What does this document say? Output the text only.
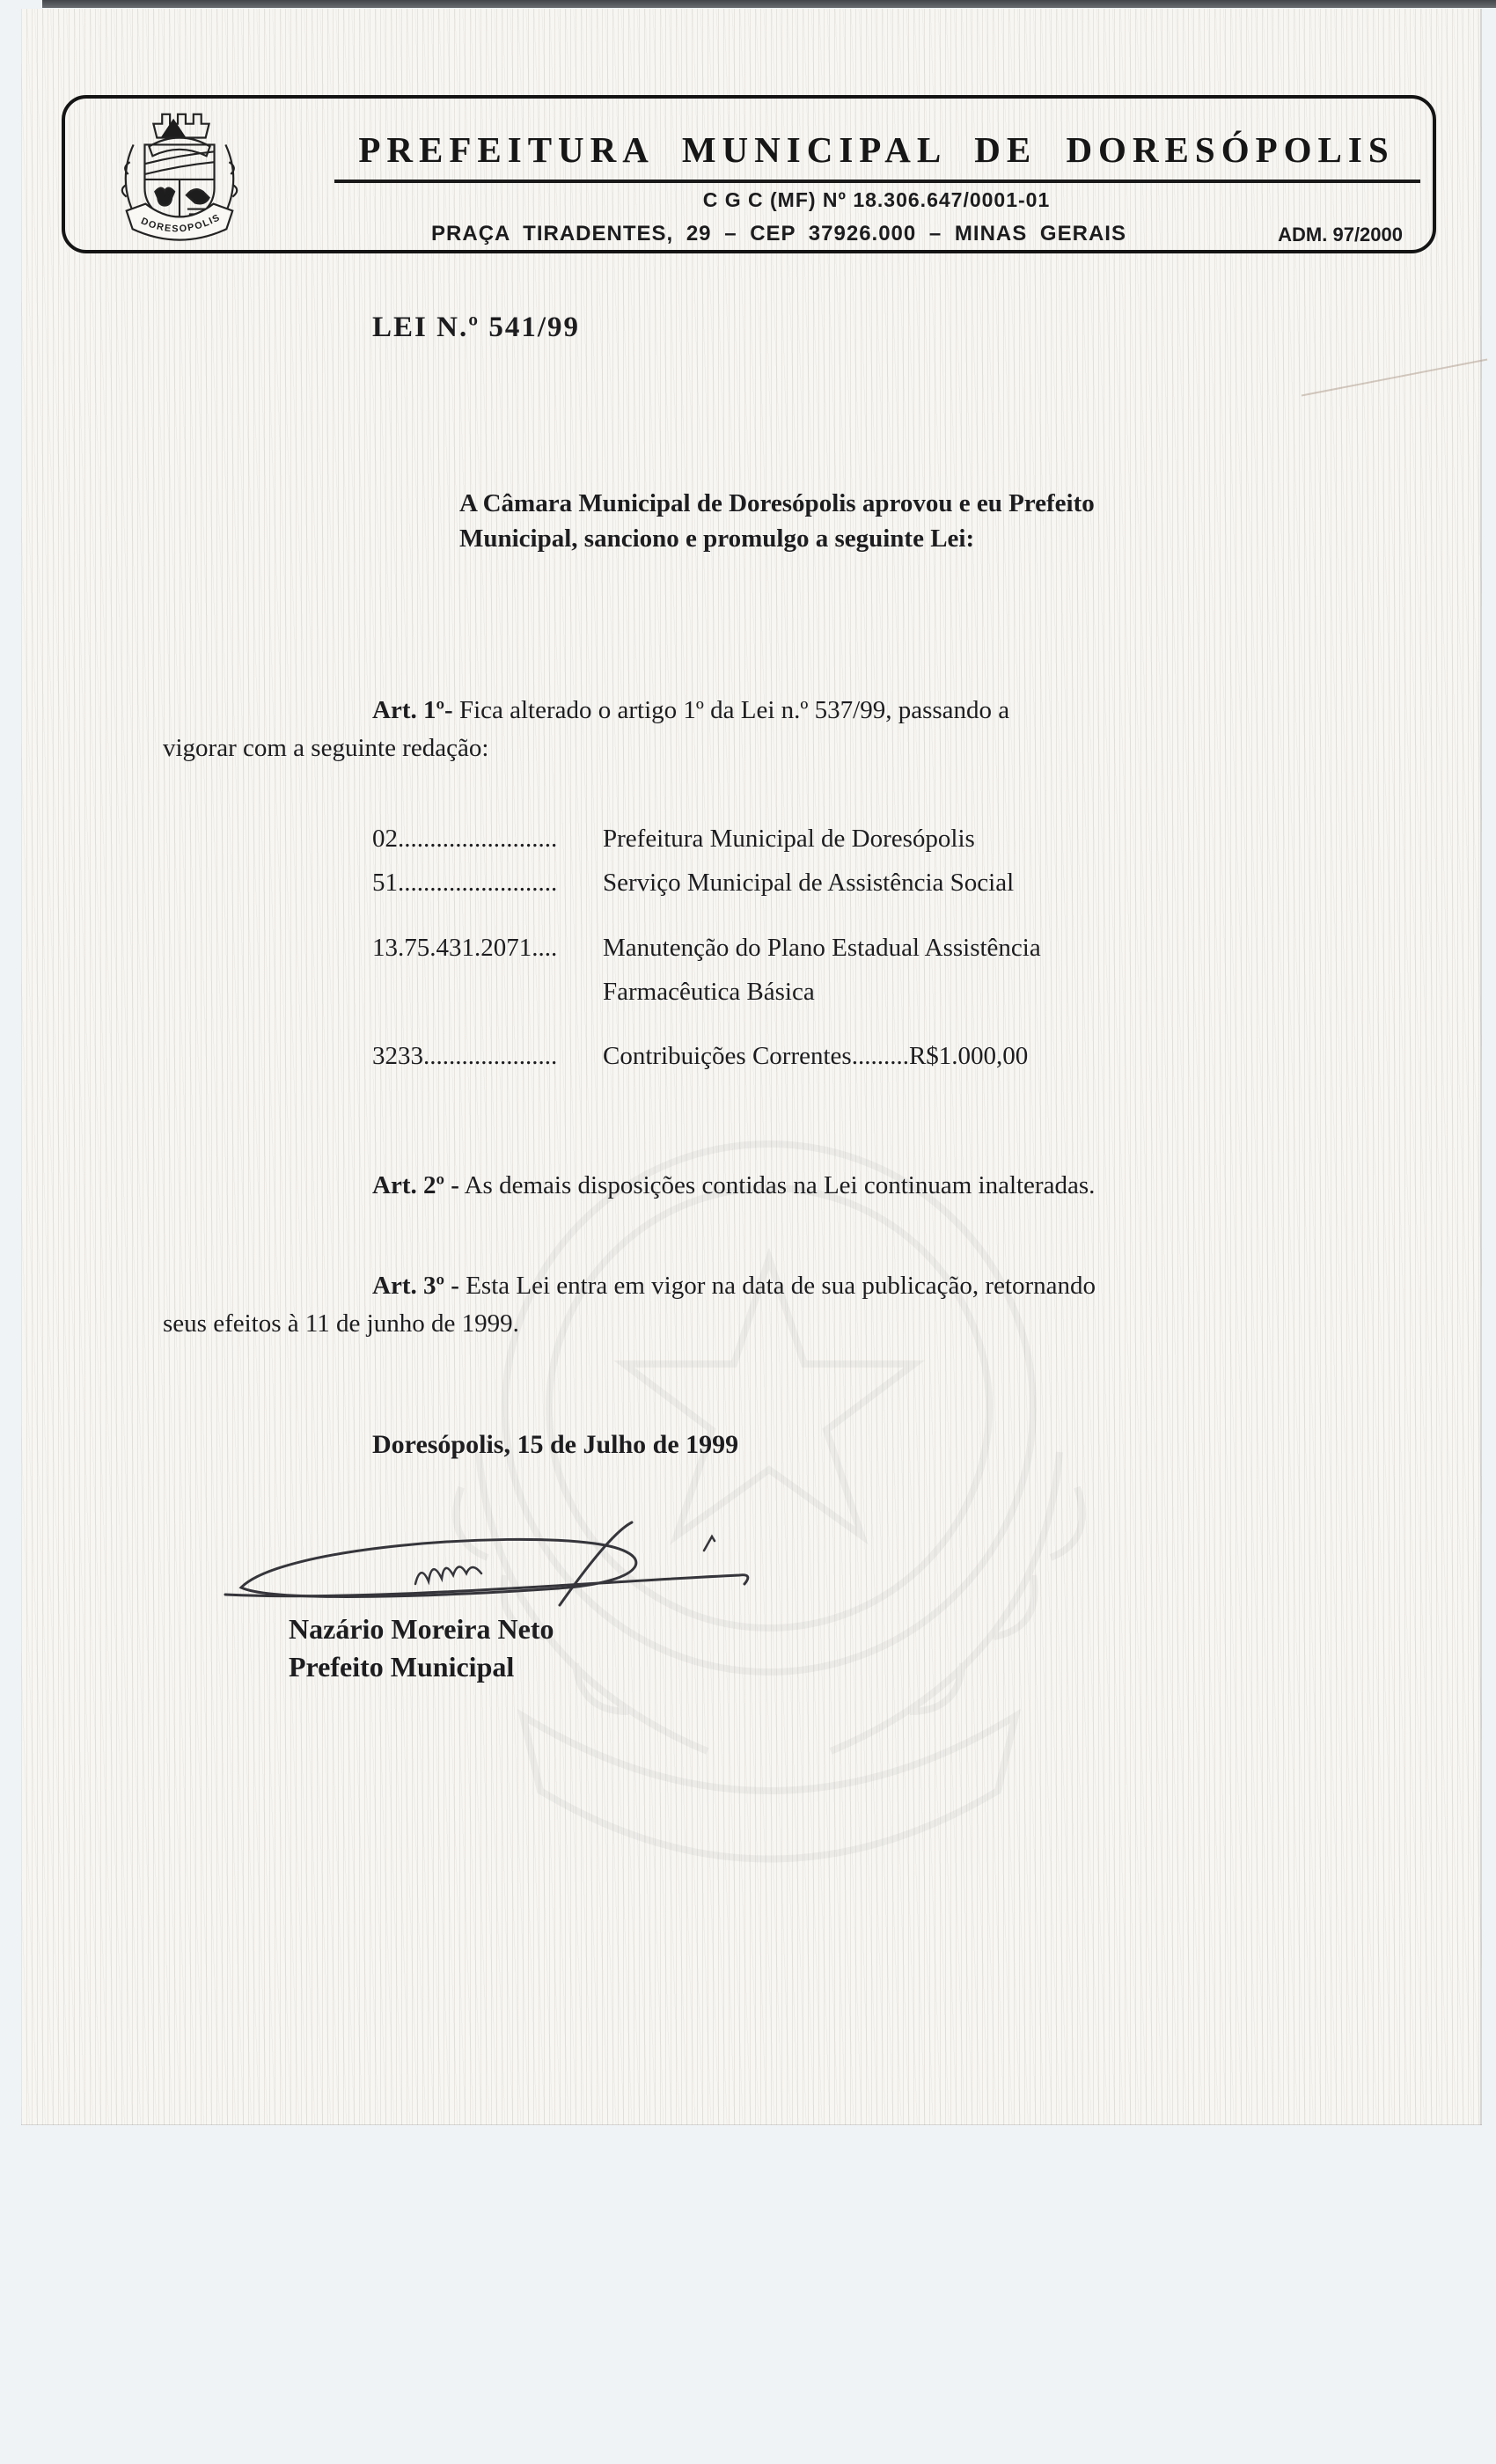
DORESOPOLIS
PREFEITURA MUNICIPAL DE DORESÓPOLIS
C G C (MF) Nº 18.306.647/0001-01
PRAÇA TIRADENTES, 29 – CEP 37926.000 – MINAS GERAIS	ADM. 97/2000
LEI N.º 541/99
A Câmara Municipal de Doresópolis aprovou e eu Prefeito
Municipal, sanciono e promulgo a seguinte Lei:
Art. 1º- Fica alterado o artigo 1º da Lei n.º 537/99, passando a
vigorar com a seguinte redação:
02.........................	Prefeitura Municipal de Doresópolis
51.........................	Serviço Municipal de Assistência Social
13.75.431.2071....	Manutenção do Plano Estadual Assistência
Farmacêutica Básica
3233.....................	Contribuições Correntes.........R$1.000,00
Art. 2º - As demais disposições contidas na Lei continuam inalteradas.
Art. 3º - Esta Lei entra em vigor na data de sua publicação, retornando
seus efeitos à 11 de junho de 1999.
Doresópolis, 15 de Julho de 1999
Nazário Moreira Neto
Prefeito Municipal
